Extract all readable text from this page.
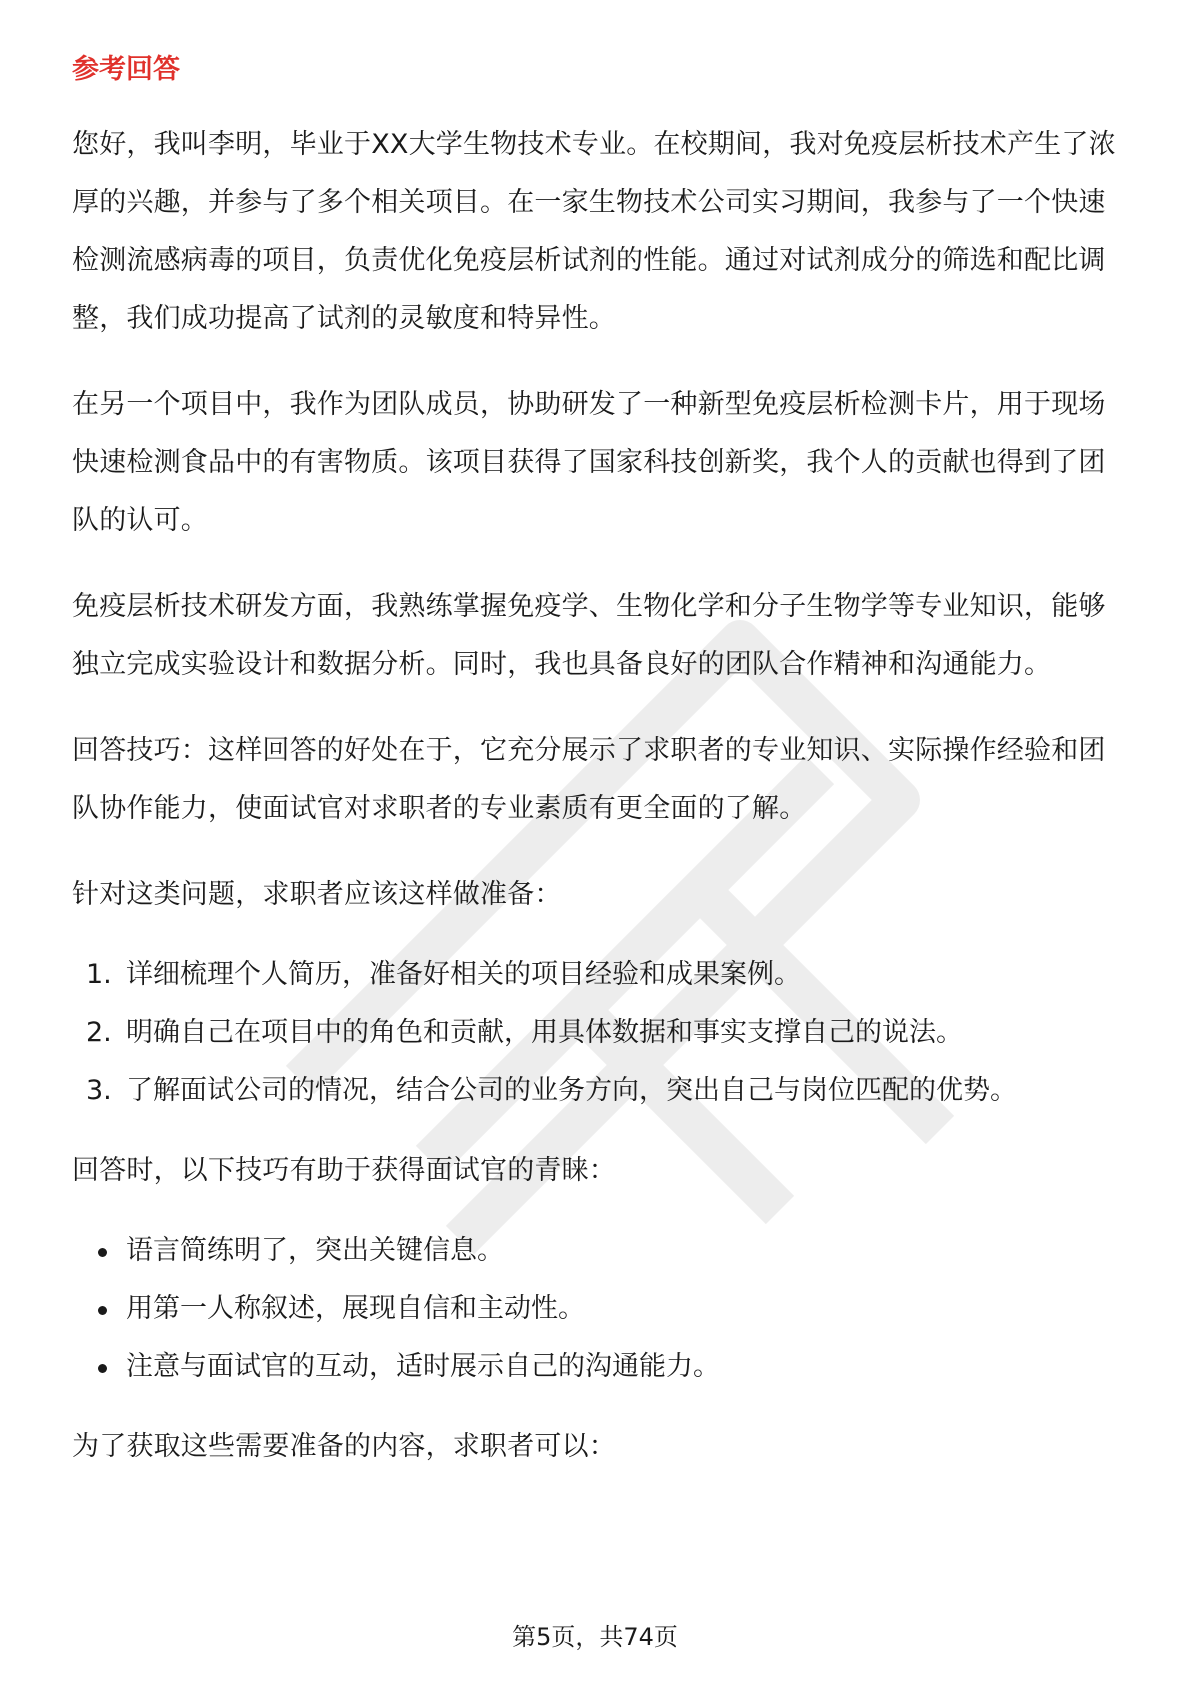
参考回答

您好，我叫李明，毕业于XX大学生物技术专业。在校期间，我对免疫层析技术产生了浓厚的兴趣，并参与了多个相关项目。在一家生物技术公司实习期间，我参与了一个快速检测流感病毒的项目，负责优化免疫层析试剂的性能。通过对试剂成分的筛选和配比调整，我们成功提高了试剂的灵敏度和特异性。

在另一个项目中，我作为团队成员，协助研发了一种新型免疫层析检测卡片，用于现场快速检测食品中的有害物质。该项目获得了国家科技创新奖，我个人的贡献也得到了团队的认可。

免疫层析技术研发方面，我熟练掌握免疫学、生物化学和分子生物学等专业知识，能够独立完成实验设计和数据分析。同时，我也具备良好的团队合作精神和沟通能力。

回答技巧：这样回答的好处在于，它充分展示了求职者的专业知识、实际操作经验和团队协作能力，使面试官对求职者的专业素质有更全面的了解。

针对这类问题，求职者应该这样做准备：

1. 详细梳理个人简历，准备好相关的项目经验和成果案例。
2. 明确自己在项目中的角色和贡献，用具体数据和事实支撑自己的说法。
3. 了解面试公司的情况，结合公司的业务方向，突出自己与岗位匹配的优势。

回答时，以下技巧有助于获得面试官的青睐：

语言简练明了，突出关键信息。
用第一人称叙述，展现自信和主动性。
注意与面试官的互动，适时展示自己的沟通能力。

为了获取这些需要准备的内容，求职者可以：

第5页，共74页
